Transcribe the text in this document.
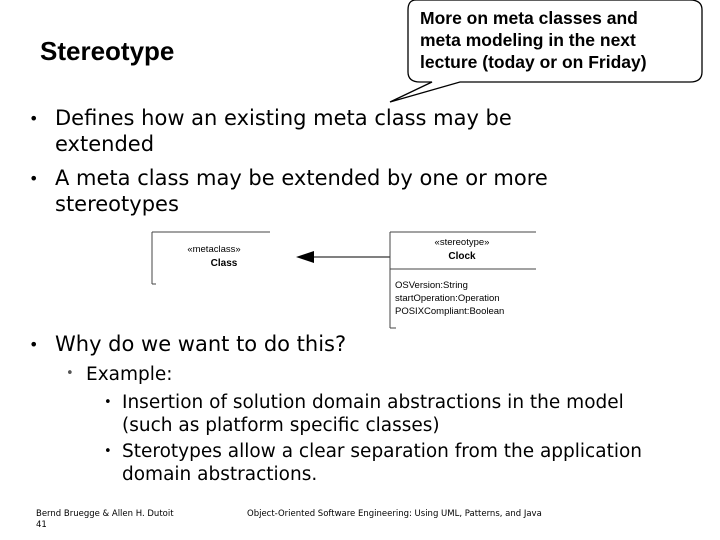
Stereotype
More on meta classes and
meta modeling in the next
lecture (today or on Friday)
• Defines how an existing meta class may be
extended
• A meta class may be extended by one or more
stereotypes
«metaclass»
Class
«stereotype»
Clock
OSVersion:String
startOperation:Operation
POSIXCompliant:Boolean
• Why do we want to do this?
• Example:
• Insertion of solution domain abstractions in the model
(such as platform specific classes)
• Sterotypes allow a clear separation from the application
domain abstractions.
Bernd Bruegge & Allen H. Dutoit
41
Object-Oriented Software Engineering: Using UML, Patterns, and Java
